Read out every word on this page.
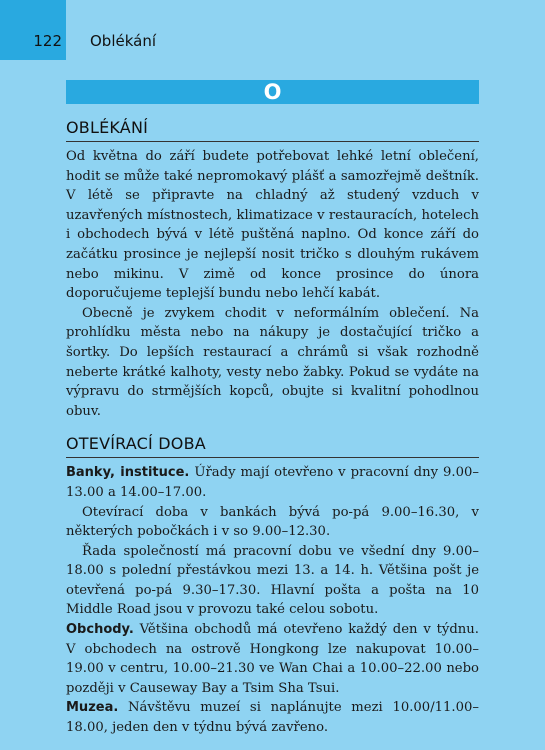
122 Oblékání
O
OBLÉKÁNÍ

Od května do září budete potřebovat lehké letní oblečení, hodit se může také nepromokavý plášť a samozřejmě deštník. V létě se připravte na chladný až studený vzduch v uzavřených místnostech, klimatizace v restauracích, hotelech i obchodech bývá v létě puštěná naplno. Od konce září do začátku prosince je nejlepší nosit tričko s dlouhým rukávem nebo mikinu. V zimě od konce prosince do února doporučujeme teplejší bundu nebo lehčí kabát.

Obecně je zvykem chodit v neformálním oblečení. Na prohlídku města nebo na nákupy je dostačující tričko a šortky. Do lepších restaurací a chrámů si však rozhodně neberte krátké kalhoty, vesty nebo žabky. Pokud se vydáte na výpravu do strmějších kopců, obujte si kvalitní pohodlnou obuv.

OTEVÍRACÍ DOBA

Banky, instituce. Úřady mají otevřeno v pracovní dny 9.00–13.00 a 14.00–17.00.

Otevírací doba v bankách bývá po-pá 9.00–16.30, v některých pobočkách i v so 9.00–12.30.

Řada společností má pracovní dobu ve všední dny 9.00–18.00 s polední přestávkou mezi 13. a 14. h. Většina pošt je otevřená po-pá 9.30–17.30. Hlavní pošta a pošta na 10 Middle Road jsou v provozu také celou sobotu.

Obchody. Většina obchodů má otevřeno každý den v týdnu. V obchodech na ostrově Hongkong lze nakupovat 10.00–19.00 v centru, 10.00–21.30 ve Wan Chai a 10.00–22.00 nebo později v Causeway Bay a Tsim Sha Tsui.

Muzea. Návštěvu muzeí si naplánujte mezi 10.00/11.00–18.00, jeden den v týdnu bývá zavřeno.
